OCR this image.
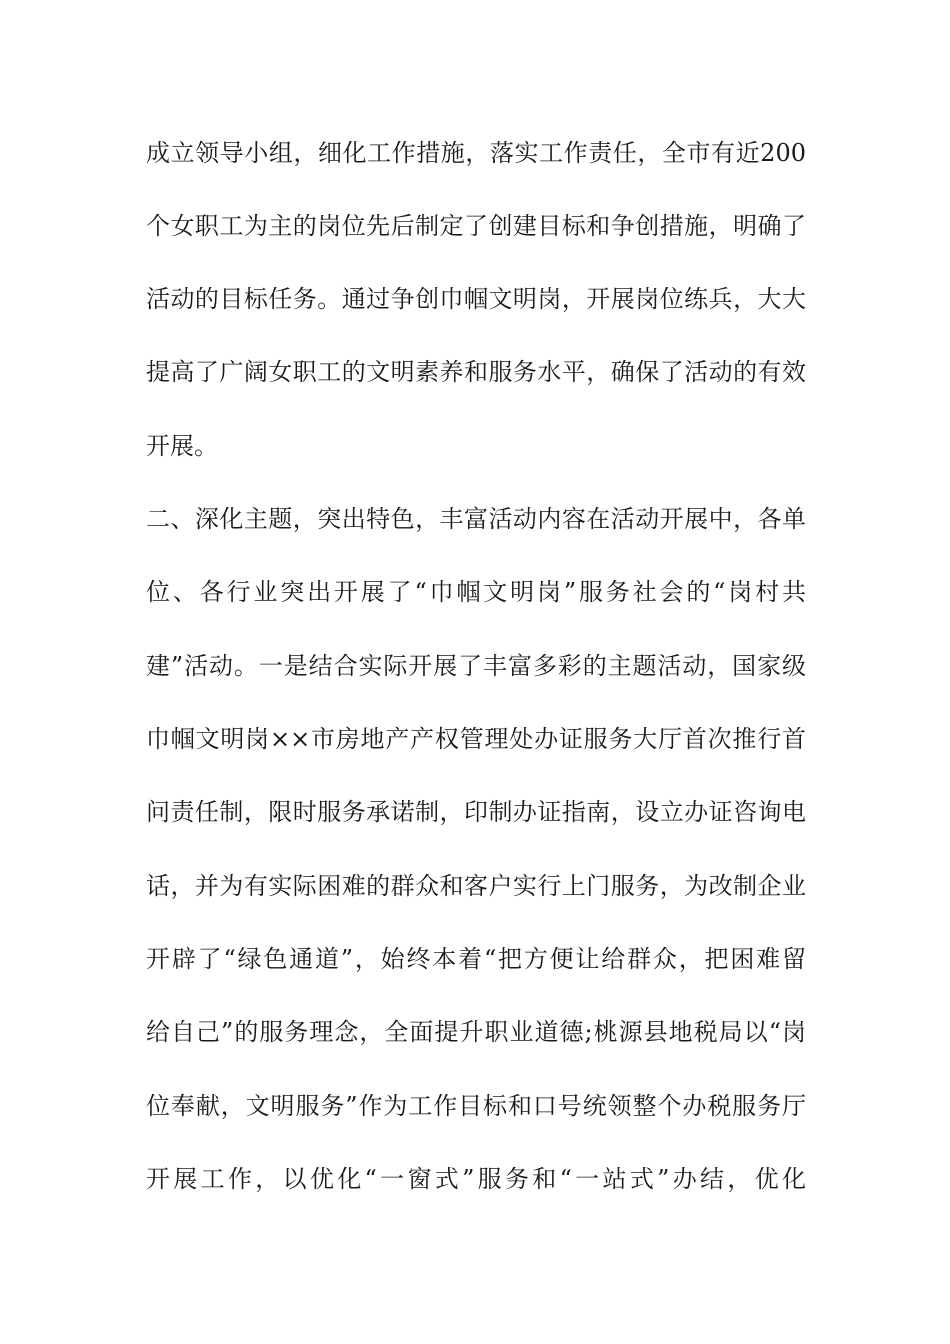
成立领导小组，细化工作措施，落实工作责任，全市有近200
个女职工为主的岗位先后制定了创建目标和争创措施，明确了
活动的目标任务。通过争创巾帼文明岗，开展岗位练兵，大大
提高了广阔女职工的文明素养和服务水平，确保了活动的有效
开展。
二、深化主题，突出特色，丰富活动内容在活动开展中，各单
位、各行业突出开展了“巾帼文明岗”服务社会的“岗村共
建”活动。一是结合实际开展了丰富多彩的主题活动，国家级
巾帼文明岗××市房地产产权管理处办证服务大厅首次推行首
问责任制，限时服务承诺制，印制办证指南，设立办证咨询电
话，并为有实际困难的群众和客户实行上门服务，为改制企业
开辟了“绿色通道”，始终本着“把方便让给群众，把困难留
给自己”的服务理念，全面提升职业道德;桃源县地税局以“岗
位奉献，文明服务”作为工作目标和口号统领整个办税服务厅
开展工作，以优化“一窗式”服务和“一站式”办结，优化
